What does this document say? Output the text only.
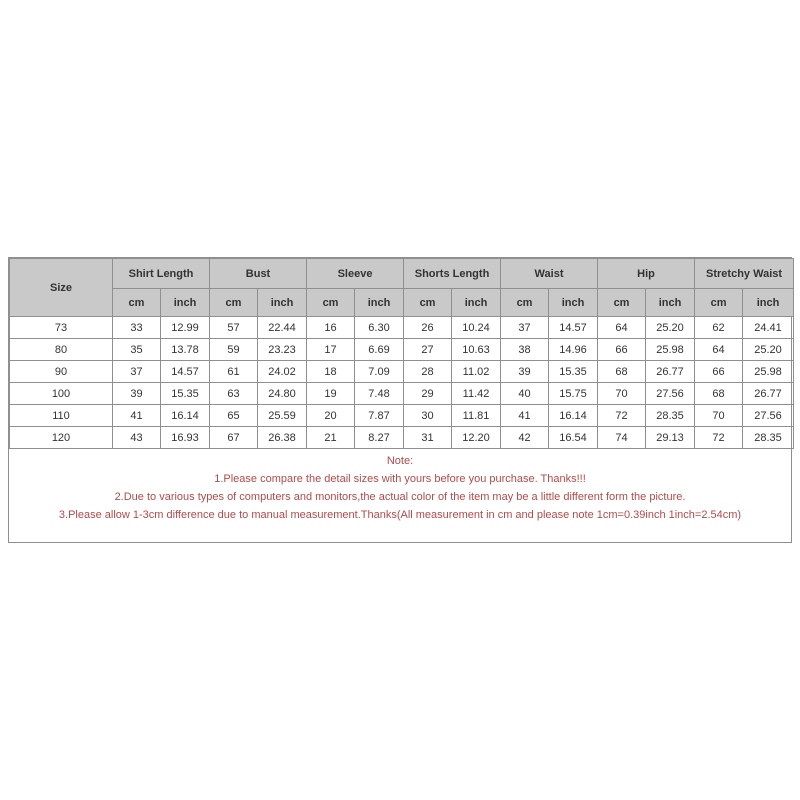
Size	Shirt Length		Bust		Sleeve		Shorts Length		Waist		Hip		Stretchy Waist	
	cm	inch	cm	inch	cm	inch	cm	inch	cm	inch	cm	inch	cm	inch
73	33	12.99	57	22.44	16	6.30	26	10.24	37	14.57	64	25.20	62	24.41
80	35	13.78	59	23.23	17	6.69	27	10.63	38	14.96	66	25.98	64	25.20
90	37	14.57	61	24.02	18	7.09	28	11.02	39	15.35	68	26.77	66	25.98
100	39	15.35	63	24.80	19	7.48	29	11.42	40	15.75	70	27.56	68	26.77
110	41	16.14	65	25.59	20	7.87	30	11.81	41	16.14	72	28.35	70	27.56
120	43	16.93	67	26.38	21	8.27	31	12.20	42	16.54	74	29.13	72	28.35
Note:
1.Please compare the detail sizes with yours before you purchase. Thanks!!!
2.Due to various types of computers and monitors,the actual color of the item may be a little different form the picture.
3.Please allow 1-3cm difference due to manual measurement.Thanks(All measurement in cm and please note 1cm=0.39inch 1inch=2.54cm)
